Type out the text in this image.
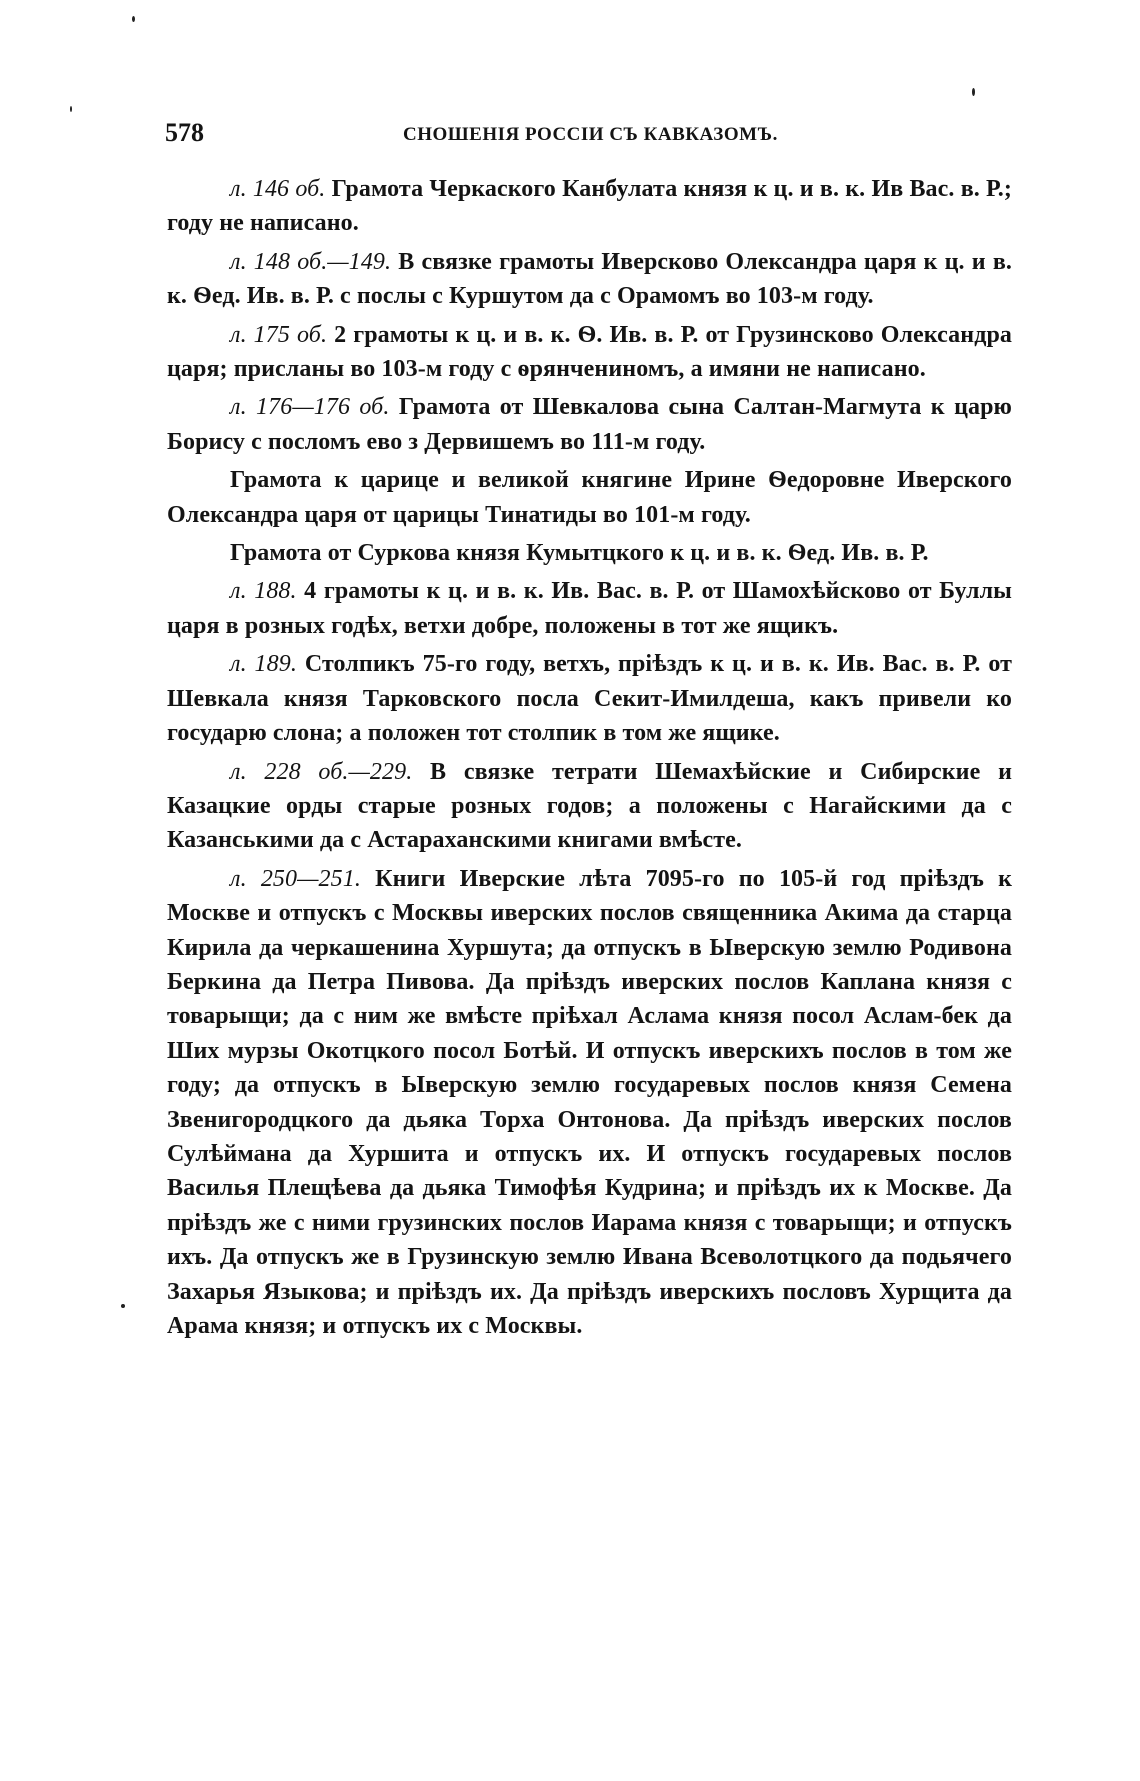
578	СНОШЕНІЯ РОССІИ СЪ КАВКАЗОМЪ.

л. 146 об. Грамота Черкаского Канбулата князя к ц. и в. к. Ив Вас. в. Р.; году не написано.

л. 148 об.—149. В связке грамоты Иверсково Олександра царя к ц. и в. к. Ѳед. Ив. в. Р. с послы с Куршутом да с Орамомъ во 103-м году.

л. 175 об. 2 грамоты к ц. и в. к. Ѳ. Ив. в. Р. от Грузинсково Олександра царя; присланы во 103-м году с ѳрянчениномъ, а имяни не написано.

л. 176—176 об. Грамота от Шевкалова сына Салтан-Магмута к царю Борису с посломъ ево з Дервишемъ во 111-м году.

Грамота к царице и великой княгине Ирине Ѳедоровне Иверского Олександра царя от царицы Тинатиды во 101-м году.

Грамота от Суркова князя Кумытцкого к ц. и в. к. Ѳед. Ив. в. Р.

л. 188. 4 грамоты к ц. и в. к. Ив. Вас. в. Р. от Шамохѣйсково от Буллы царя в розных годѣх, ветхи добре, положены в тот же ящикъ.

л. 189. Столпикъ 75-го году, ветхъ, пріѣздъ к ц. и в. к. Ив. Вас. в. Р. от Шевкала князя Тарковского посла Секит-Имилдеша, какъ привели ко государю слона; а положен тот столпик в том же ящике.

л. 228 об.—229. В связке тетрати Шемахѣйские и Сибирские и Казацкие орды старые розных годов; а положены с Нагайскими да с Казанськими да с Астараханскими книгами вмѣсте.

л. 250—251. Книги Иверские лѣта 7095-го по 105-й год пріѣздъ к Москве и отпускъ с Москвы иверских послов священника Акима да старца Кирила да черкашенина Хуршута; да отпускъ в Ыверскую землю Родивона Беркина да Петра Пивова. Да пріѣздъ иверских послов Каплана князя с товарыщи; да с ним же вмѣсте пріѣхал Аслама князя посол Аслам-бек да Ших мурзы Окотцкого посол Ботѣй. И отпускъ иверскихъ послов в том же году; да отпускъ в Ыверскую землю государевых послов князя Семена Звенигородцкого да дьяка Торха Онтонова. Да пріѣздъ иверских послов Сулѣймана да Хуршита и отпускъ их. И отпускъ государевых послов Василья Плещѣева да дьяка Тимофѣя Кудрина; и пріѣздъ их к Москве. Да пріѣздъ же с ними грузинских послов Иарама князя с товарыщи; и отпускъ ихъ. Да отпускъ же в Грузинскую землю Ивана Всеволотцкого да подьячего Захарья Языкова; и пріѣздъ их. Да пріѣздъ иверскихъ пословъ Хурщита да Арама князя; и отпускъ их с Москвы.
